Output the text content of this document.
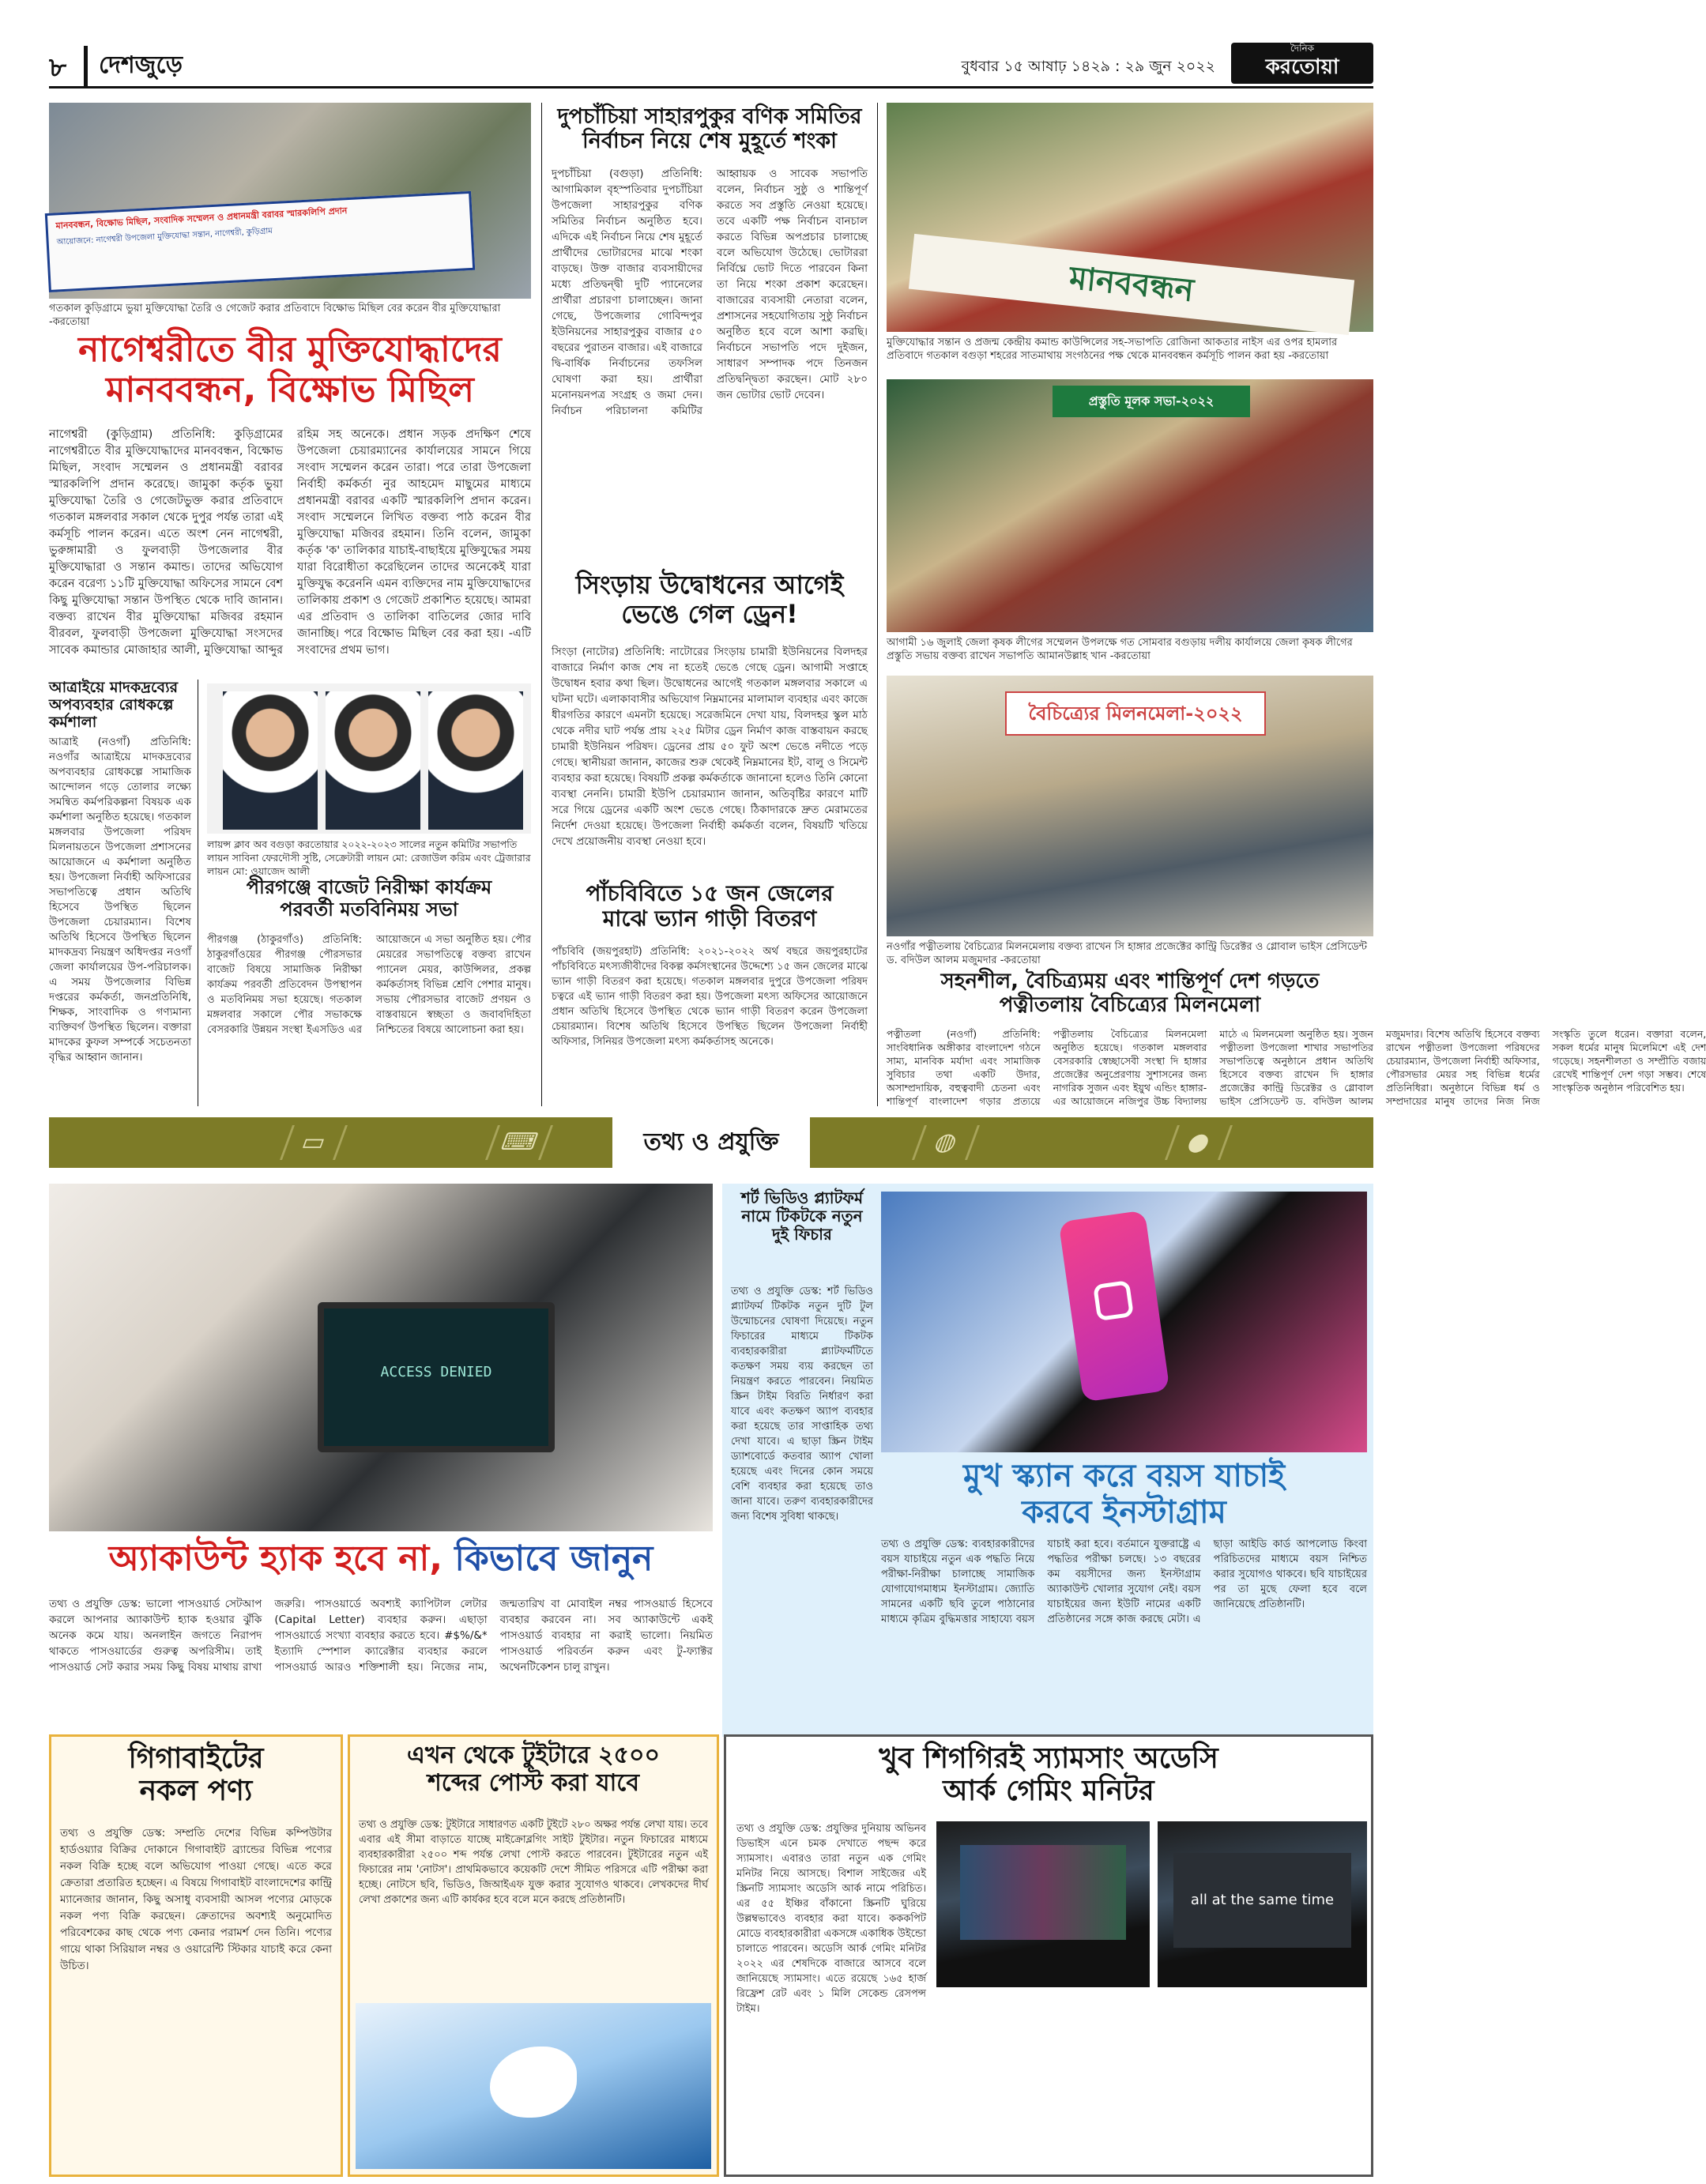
৮	দেশজুড়ে	বুধবার ১৫ আষাঢ় ১৪২৯ : ২৯ জুন ২০২২
দৈনিক
করতোয়া
মানববন্ধন, বিক্ষোভ মিছিল, সংবাদিক সম্মেলন ও প্রধানমন্ত্রী বরাবর স্মারকলিপি প্রদান
আয়োজনে: নাগেশ্বরী উপজেলা মুক্তিযোদ্ধা সন্তান, নাগেশ্বরী, কুড়িগ্রাম
গতকাল কুড়িগ্রামে ভুয়া মুক্তিযোদ্ধা তৈরি ও গেজেট করার প্রতিবাদে বিক্ষোভ মিছিল বের করেন বীর মুক্তিযোদ্ধারা -করতোয়া
নাগেশ্বরীতে বীর মুক্তিযোদ্ধাদের
মানববন্ধন, বিক্ষোভ মিছিল
নাগেশ্বরী (কুড়িগ্রাম) প্রতিনিধি: কুড়িগ্রামের নাগেশ্বরীতে বীর মুক্তিযোদ্ধাদের মানববন্ধন, বিক্ষোভ মিছিল, সংবাদ সম্মেলন ও প্রধানমন্ত্রী বরাবর স্মারকলিপি প্রদান করেছে। জামুকা কর্তৃক ভুয়া মুক্তিযোদ্ধা তৈরি ও গেজেটভুক্ত করার প্রতিবাদে গতকাল মঙ্গলবার সকাল থেকে দুপুর পর্যন্ত তারা এই কর্মসূচি পালন করেন। এতে অংশ নেন নাগেশ্বরী, ভুরুঙ্গামারী ও ফুলবাড়ী উপজেলার বীর মুক্তিযোদ্ধারা ও সন্তান কমান্ড। তাদের অভিযোগ করেন বরেণ্য ১১টি মুক্তিযোদ্ধা অফিসের সামনে বেশ কিছু মুক্তিযোদ্ধা সন্তান উপস্থিত থেকে দাবি জানান। বক্তব্য রাখেন বীর মুক্তিযোদ্ধা মজিবর রহমান বীরবল, ফুলবাড়ী উপজেলা মুক্তিযোদ্ধা সংসদের সাবেক কমান্ডার মোজাহার আলী, মুক্তিযোদ্ধা আব্দুর রহিম সহ অনেকে। প্রধান সড়ক প্রদক্ষিণ শেষে উপজেলা চেয়ারম্যানের কার্যালয়ের সামনে গিয়ে সংবাদ সম্মেলন করেন তারা। পরে তারা উপজেলা নির্বাহী কর্মকর্তা নুর আহমেদ মাছুমের মাধ্যমে প্রধানমন্ত্রী বরাবর একটি স্মারকলিপি প্রদান করেন। সংবাদ সম্মেলনে লিখিত বক্তব্য পাঠ করেন বীর মুক্তিযোদ্ধা মজিবর রহমান। তিনি বলেন, জামুকা কর্তৃক 'ক' তালিকার যাচাই-বাছাইয়ে মুক্তিযুদ্ধের সময় যারা বিরোধীতা করেছিলেন তাদের অনেকেই যারা মুক্তিযুদ্ধ করেননি এমন ব্যক্তিদের নাম মুক্তিযোদ্ধাদের তালিকায় প্রকাশ ও গেজেট প্রকাশিত হয়েছে। আমরা এর প্রতিবাদ ও তালিকা বাতিলের জোর দাবি জানাচ্ছি। পরে বিক্ষোভ মিছিল বের করা হয়। -এটি সংবাদের প্রথম ভাগ।
আত্রাইয়ে মাদকদ্রব্যের অপব্যবহার রোধকল্পে কর্মশালা
আত্রাই (নওগাঁ) প্রতিনিধি: নওগাঁর আত্রাইয়ে মাদকদ্রব্যের অপব্যবহার রোধকল্পে সামাজিক আন্দোলন গড়ে তোলার লক্ষ্যে সমন্বিত কর্মপরিকল্পনা বিষয়ক এক কর্মশালা অনুষ্ঠিত হয়েছে। গতকাল মঙ্গলবার উপজেলা পরিষদ মিলনায়তনে উপজেলা প্রশাসনের আয়োজনে এ কর্মশালা অনুষ্ঠিত হয়। উপজেলা নির্বাহী অফিসারের সভাপতিত্বে প্রধান অতিথি হিসেবে উপস্থিত ছিলেন উপজেলা চেয়ারম্যান। বিশেষ অতিথি হিসেবে উপস্থিত ছিলেন মাদকদ্রব্য নিয়ন্ত্রণ অধিদপ্তর নওগাঁ জেলা কার্যালয়ের উপ-পরিচালক। এ সময় উপজেলার বিভিন্ন দপ্তরের কর্মকর্তা, জনপ্রতিনিধি, শিক্ষক, সাংবাদিক ও গণ্যমান্য ব্যক্তিবর্গ উপস্থিত ছিলেন। বক্তারা মাদকের কুফল সম্পর্কে সচেতনতা বৃদ্ধির আহ্বান জানান।
লায়ন্স ক্লাব অব বগুড়া করতোয়ার ২০২২-২০২৩ সালের নতুন কমিটির সভাপতি লায়ন সাবিনা ফেরদৌসী সুষ্টি, সেক্রেটারী লায়ন মো: রেজাউল করিম এবং ট্রেজারার লায়ন মো: ওয়াজেদ আলী
পীরগঞ্জে বাজেট নিরীক্ষা কার্যক্রম
পরবর্তী মতবিনিময় সভা
পীরগঞ্জ (ঠাকুরগাঁও) প্রতিনিধি: ঠাকুরগাঁওয়ের পীরগঞ্জ পৌরসভার বাজেট বিষয়ে সামাজিক নিরীক্ষা কার্যক্রম পরবর্তী প্রতিবেদন উপস্থাপন ও মতবিনিময় সভা হয়েছে। গতকাল মঙ্গলবার সকালে পৌর সভাকক্ষে বেসরকারি উন্নয়ন সংস্থা ইএসডিও এর আয়োজনে এ সভা অনুষ্ঠিত হয়। পৌর মেয়রের সভাপতিত্বে বক্তব্য রাখেন প্যানেল মেয়র, কাউন্সিলর, প্রকল্প কর্মকর্তাসহ বিভিন্ন শ্রেণি পেশার মানুষ। সভায় পৌরসভার বাজেট প্রণয়ন ও বাস্তবায়নে স্বচ্ছতা ও জবাবদিহিতা নিশ্চিতের বিষয়ে আলোচনা করা হয়।
দুপচাঁচিয়া সাহারপুকুর বণিক সমিতির
নির্বাচন নিয়ে শেষ মুহূর্তে শংকা
দুপচাঁচিয়া (বগুড়া) প্রতিনিধি: আগামিকাল বৃহস্পতিবার দুপচাঁচিয়া উপজেলা সাহারপুকুর বণিক সমিতির নির্বাচন অনুষ্ঠিত হবে। এদিকে এই নির্বাচন নিয়ে শেষ মুহূর্তে প্রার্থীদের ভোটারদের মাঝে শংকা বাড়ছে। উক্ত বাজার ব্যবসায়ীদের মধ্যে প্রতিদ্বন্দ্বী দুটি প্যানেলের প্রার্থীরা প্রচারণা চালাচ্ছেন। জানা গেছে, উপজেলার গোবিন্দপুর ইউনিয়নের সাহারপুকুর বাজার ৫০ বছরের পুরাতন বাজার। এই বাজারে দ্বি-বার্ষিক নির্বাচনের তফসিল ঘোষণা করা হয়। প্রার্থীরা মনোনয়নপত্র সংগ্রহ ও জমা দেন। নির্বাচন পরিচালনা কমিটির আহ্বায়ক ও সাবেক সভাপতি বলেন, নির্বাচন সুষ্ঠু ও শান্তিপূর্ণ করতে সব প্রস্তুতি নেওয়া হয়েছে। তবে একটি পক্ষ নির্বাচন বানচাল করতে বিভিন্ন অপপ্রচার চালাচ্ছে বলে অভিযোগ উঠেছে। ভোটাররা নির্বিঘ্নে ভোট দিতে পারবেন কিনা তা নিয়ে শংকা প্রকাশ করেছেন। বাজারের ব্যবসায়ী নেতারা বলেন, প্রশাসনের সহযোগিতায় সুষ্ঠু নির্বাচন অনুষ্ঠিত হবে বলে আশা করছি। নির্বাচনে সভাপতি পদে দুইজন, সাধারণ সম্পাদক পদে তিনজন প্রতিদ্বন্দ্বিতা করছেন। মোট ২৮০ জন ভোটার ভোট দেবেন।
সিংড়ায় উদ্বোধনের আগেই
ভেঙে গেল ড্রেন!
সিংড়া (নাটোর) প্রতিনিধি: নাটোরের সিংড়ায় চামারী ইউনিয়নের বিলদহর বাজারে নির্মাণ কাজ শেষ না হতেই ভেঙে গেছে ড্রেন। আগামী সপ্তাহে উদ্বোধন হবার কথা ছিল। উদ্বোধনের আগেই গতকাল মঙ্গলবার সকালে এ ঘটনা ঘটে। এলাকাবাসীর অভিযোগ নিম্নমানের মালামাল ব্যবহার এবং কাজে ধীরগতির কারণে এমনটা হয়েছে। সরেজমিনে দেখা যায়, বিলদহর স্কুল মাঠ থেকে নদীর ঘাট পর্যন্ত প্রায় ২২৫ মিটার ড্রেন নির্মাণ কাজ বাস্তবায়ন করছে চামারী ইউনিয়ন পরিষদ। ড্রেনের প্রায় ৫০ ফুট অংশ ভেঙে নদীতে পড়ে গেছে। স্থানীয়রা জানান, কাজের শুরু থেকেই নিম্নমানের ইট, বালু ও সিমেন্ট ব্যবহার করা হয়েছে। বিষয়টি প্রকল্প কর্মকর্তাকে জানানো হলেও তিনি কোনো ব্যবস্থা নেননি। চামারী ইউপি চেয়ারম্যান জানান, অতিবৃষ্টির কারণে মাটি সরে গিয়ে ড্রেনের একটি অংশ ভেঙে গেছে। ঠিকাদারকে দ্রুত মেরামতের নির্দেশ দেওয়া হয়েছে। উপজেলা নির্বাহী কর্মকর্তা বলেন, বিষয়টি খতিয়ে দেখে প্রয়োজনীয় ব্যবস্থা নেওয়া হবে।
পাঁচবিবিতে ১৫ জন জেলের
মাঝে ভ্যান গাড়ী বিতরণ
পাঁচবিবি (জয়পুরহাট) প্রতিনিধি: ২০২১-২০২২ অর্থ বছরে জয়পুরহাটের পাঁচবিবিতে মৎস্যজীবীদের বিকল্প কর্মসংস্থানের উদ্দেশ্যে ১৫ জন জেলের মাঝে ভ্যান গাড়ী বিতরণ করা হয়েছে। গতকাল মঙ্গলবার দুপুরে উপজেলা পরিষদ চত্বরে এই ভ্যান গাড়ী বিতরণ করা হয়। উপজেলা মৎস্য অফিসের আয়োজনে প্রধান অতিথি হিসেবে উপস্থিত থেকে ভ্যান গাড়ী বিতরণ করেন উপজেলা চেয়ারম্যান। বিশেষ অতিথি হিসেবে উপস্থিত ছিলেন উপজেলা নির্বাহী অফিসার, সিনিয়র উপজেলা মৎস্য কর্মকর্তাসহ অনেকে।
মানববন্ধন
মুক্তিযোদ্ধার সন্তান ও প্রজন্ম কেন্দ্রীয় কমান্ড কাউন্সিলের সহ-সভাপতি রোজিনা আকতার নাইস এর ওপর হামলার প্রতিবাদে গতকাল বগুড়া শহরের সাতমাথায় সংগঠনের পক্ষ থেকে মানববন্ধন কর্মসূচি পালন করা হয় -করতোয়া
প্রস্তুতি মূলক সভা-২০২২
আগামী ১৬ জুলাই জেলা কৃষক লীগের সম্মেলন উপলক্ষে গত সোমবার বগুড়ায় দলীয় কার্যালয়ে জেলা কৃষক লীগের প্রস্তুতি সভায় বক্তব্য রাখেন সভাপতি আমানউল্লাহ খান -করতোয়া
বৈচিত্র্যের মিলনমেলা-২০২২
নওগাঁর পত্নীতলায় বৈচিত্র্যের মিলনমেলায় বক্তব্য রাখেন সি হাঙ্গার প্রজেক্টের কান্ট্রি ডিরেক্টর ও গ্লোবাল ভাইস প্রেসিডেন্ট ড. বদিউল আলম মজুমদার -করতোয়া
সহনশীল, বৈচিত্র্যময় এবং শান্তিপূর্ণ দেশ গড়তে
পত্নীতলায় বৈচিত্র্যের মিলনমেলা
পত্নীতলা (নওগাঁ) প্রতিনিধি: সাংবিধানিক অঙ্গীকার বাংলাদেশ গঠনে সাম্য, মানবিক মর্যাদা এবং সামাজিক সুবিচার তথা একটি উদার, অসাম্প্রদায়িক, বহুত্ববাদী চেতনা এবং শান্তিপূর্ণ বাংলাদেশ গড়ার প্রত্যয়ে পত্নীতলায় বৈচিত্র্যের মিলনমেলা অনুষ্ঠিত হয়েছে। গতকাল মঙ্গলবার বেসরকারি স্বেচ্ছাসেবী সংস্থা দি হাঙ্গার প্রজেক্টের অনুপ্রেরণায় সুশাসনের জন্য নাগরিক সুজন এবং ইয়ুথ এন্ডিং হাঙ্গার-এর আয়োজনে নজিপুর উচ্চ বিদ্যালয় মাঠে এ মিলনমেলা অনুষ্ঠিত হয়। সুজন পত্নীতলা উপজেলা শাখার সভাপতির সভাপতিত্বে অনুষ্ঠানে প্রধান অতিথি হিসেবে বক্তব্য রাখেন দি হাঙ্গার প্রজেক্টের কান্ট্রি ডিরেক্টর ও গ্লোবাল ভাইস প্রেসিডেন্ট ড. বদিউল আলম মজুমদার। বিশেষ অতিথি হিসেবে বক্তব্য রাখেন পত্নীতলা উপজেলা পরিষদের চেয়ারম্যান, উপজেলা নির্বাহী অফিসার, পৌরসভার মেয়র সহ বিভিন্ন ধর্মের প্রতিনিধিরা। অনুষ্ঠানে বিভিন্ন ধর্ম ও সম্প্রদায়ের মানুষ তাদের নিজ নিজ সংস্কৃতি তুলে ধরেন। বক্তারা বলেন, সকল ধর্মের মানুষ মিলেমিশে এই দেশ গড়েছে। সহনশীলতা ও সম্প্রীতি বজায় রেখেই শান্তিপূর্ণ দেশ গড়া সম্ভব। শেষে সাংস্কৃতিক অনুষ্ঠান পরিবেশিত হয়।
▭	⌨	তথ্য ও প্রযুক্তি	◍	●
ACCESS DENIED
অ্যাকাউন্ট হ্যাক হবে না, কিভাবে জানুন
তথ্য ও প্রযুক্তি ডেস্ক: ভালো পাসওয়ার্ড সেটআপ করলে আপনার অ্যাকাউন্ট হ্যাক হওয়ার ঝুঁকি অনেক কমে যায়। অনলাইন জগতে নিরাপদ থাকতে পাসওয়ার্ডের গুরুত্ব অপরিসীম। তাই পাসওয়ার্ড সেট করার সময় কিছু বিষয় মাথায় রাখা জরুরি। পাসওয়ার্ডে অবশ্যই ক্যাপিটাল লেটার (Capital Letter) ব্যবহার করুন। এছাড়া পাসওয়ার্ডে সংখ্যা ব্যবহার করতে হবে। #$%/&* ইত্যাদি স্পেশাল ক্যারেক্টার ব্যবহার করলে পাসওয়ার্ড আরও শক্তিশালী হয়। নিজের নাম, জন্মতারিখ বা মোবাইল নম্বর পাসওয়ার্ড হিসেবে ব্যবহার করবেন না। সব অ্যাকাউন্টে একই পাসওয়ার্ড ব্যবহার না করাই ভালো। নিয়মিত পাসওয়ার্ড পরিবর্তন করুন এবং টু-ফ্যাক্টর অথেনটিকেশন চালু রাখুন।
শর্ট ভিডিও প্ল্যাটফর্ম নামে টিকটকে নতুন দুই ফিচার
তথ্য ও প্রযুক্তি ডেস্ক: শর্ট ভিডিও প্ল্যাটফর্ম টিকটক নতুন দুটি টুল উন্মোচনের ঘোষণা দিয়েছে। নতুন ফিচারের মাধ্যমে টিকটক ব্যবহারকারীরা প্ল্যাটফর্মটিতে কতক্ষণ সময় ব্যয় করছেন তা নিয়ন্ত্রণ করতে পারবেন। নিয়মিত স্ক্রিন টাইম বিরতি নির্ধারণ করা যাবে এবং কতক্ষণ অ্যাপ ব্যবহার করা হয়েছে তার সাপ্তাহিক তথ্য দেখা যাবে। এ ছাড়া স্ক্রিন টাইম ড্যাশবোর্ডে কতবার অ্যাপ খোলা হয়েছে এবং দিনের কোন সময়ে বেশি ব্যবহার করা হয়েছে তাও জানা যাবে। তরুণ ব্যবহারকারীদের জন্য বিশেষ সুবিধা থাকছে।
মুখ স্ক্যান করে বয়স যাচাই
করবে ইনস্টাগ্রাম
তথ্য ও প্রযুক্তি ডেস্ক: ব্যবহারকারীদের বয়স যাচাইয়ে নতুন এক পদ্ধতি নিয়ে পরীক্ষা-নিরীক্ষা চালাচ্ছে সামাজিক যোগাযোগমাধ্যম ইনস্টাগ্রাম। জ্যোতি সামনের একটি ছবি তুলে পাঠানোর মাধ্যমে কৃত্রিম বুদ্ধিমত্তার সাহায্যে বয়স যাচাই করা হবে। বর্তমানে যুক্তরাষ্ট্রে এ পদ্ধতির পরীক্ষা চলছে। ১৩ বছরের কম বয়সীদের জন্য ইনস্টাগ্রাম অ্যাকাউন্ট খোলার সুযোগ নেই। বয়স যাচাইয়ের জন্য ইউটি নামের একটি প্রতিষ্ঠানের সঙ্গে কাজ করছে মেটা। এ ছাড়া আইডি কার্ড আপলোড কিংবা পরিচিতদের মাধ্যমে বয়স নিশ্চিত করার সুযোগও থাকবে। ছবি যাচাইয়ের পর তা মুছে ফেলা হবে বলে জানিয়েছে প্রতিষ্ঠানটি।
গিগাবাইটের
নকল পণ্য
তথ্য ও প্রযুক্তি ডেস্ক: সম্প্রতি দেশের বিভিন্ন কম্পিউটার হার্ডওয়্যার বিক্রির দোকানে গিগাবাইট ব্র্যান্ডের বিভিন্ন পণ্যের নকল বিক্রি হচ্ছে বলে অভিযোগ পাওয়া গেছে। এতে করে ক্রেতারা প্রতারিত হচ্ছেন। এ বিষয়ে গিগাবাইট বাংলাদেশের কান্ট্রি ম্যানেজার জানান, কিছু অসাধু ব্যবসায়ী আসল পণ্যের মোড়কে নকল পণ্য বিক্রি করছেন। ক্রেতাদের অবশ্যই অনুমোদিত পরিবেশকের কাছ থেকে পণ্য কেনার পরামর্শ দেন তিনি। পণ্যের গায়ে থাকা সিরিয়াল নম্বর ও ওয়ারেন্টি স্টিকার যাচাই করে কেনা উচিত।
এখন থেকে টুইটারে ২৫০০
শব্দের পোস্ট করা যাবে
তথ্য ও প্রযুক্তি ডেস্ক: টুইটারে সাধারণত একটি টুইটে ২৮০ অক্ষর পর্যন্ত লেখা যায়। তবে এবার এই সীমা বাড়াতে যাচ্ছে মাইক্রোব্লগিং সাইট টুইটার। নতুন ফিচারের মাধ্যমে ব্যবহারকারীরা ২৫০০ শব্দ পর্যন্ত লেখা পোস্ট করতে পারবেন। টুইটারের নতুন এই ফিচারের নাম 'নোটস'। প্রাথমিকভাবে কয়েকটি দেশে সীমিত পরিসরে এটি পরীক্ষা করা হচ্ছে। নোটসে ছবি, ভিডিও, জিআইএফ যুক্ত করার সুযোগও থাকবে। লেখকদের দীর্ঘ লেখা প্রকাশের জন্য এটি কার্যকর হবে বলে মনে করছে প্রতিষ্ঠানটি।
খুব শিগগিরই স্যামসাং অডেসি
আর্ক গেমিং মনিটর
তথ্য ও প্রযুক্তি ডেস্ক: প্রযুক্তির দুনিয়ায় অভিনব ডিভাইস এনে চমক দেখাতে পছন্দ করে স্যামসাং। এবারও তারা নতুন এক গেমিং মনিটর নিয়ে আসছে। বিশাল সাইজের এই স্ক্রিনটি স্যামসাং অডেসি আর্ক নামে পরিচিত। এর ৫৫ ইঞ্চির বাঁকানো স্ক্রিনটি ঘুরিয়ে উল্লম্বভাবেও ব্যবহার করা যাবে। কককপিট মোডে ব্যবহারকারীরা একসঙ্গে একাধিক উইন্ডো চালাতে পারবেন। অডেসি আর্ক গেমিং মনিটর ২০২২ এর শেষদিকে বাজারে আসবে বলে জানিয়েছে স্যামসাং। এতে রয়েছে ১৬৫ হার্জ রিফ্রেশ রেট এবং ১ মিলি সেকেন্ড রেসপন্স টাইম।
all at the same time
